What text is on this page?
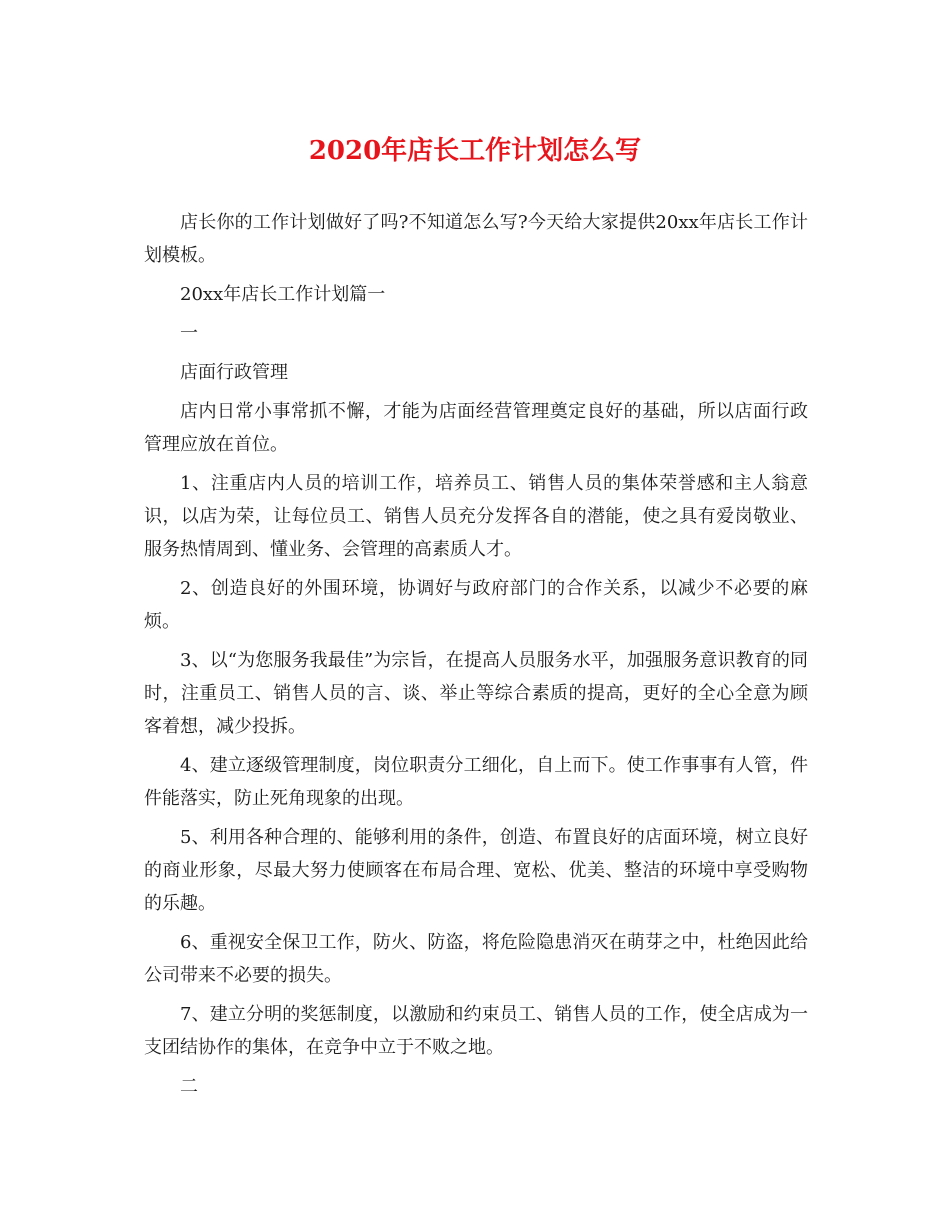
2020年店长工作计划怎么写

店长你的工作计划做好了吗?不知道怎么写?今天给大家提供20xx年店长工作计划模板。

20xx年店长工作计划篇一

一

店面行政管理

店内日常小事常抓不懈，才能为店面经营管理奠定良好的基础，所以店面行政管理应放在首位。

1、注重店内人员的培训工作，培养员工、销售人员的集体荣誉感和主人翁意识，以店为荣，让每位员工、销售人员充分发挥各自的潜能，使之具有爱岗敬业、服务热情周到、懂业务、会管理的高素质人才。

2、创造良好的外围环境，协调好与政府部门的合作关系，以减少不必要的麻烦。

3、以“为您服务我最佳”为宗旨，在提高人员服务水平，加强服务意识教育的同时，注重员工、销售人员的言、谈、举止等综合素质的提高，更好的全心全意为顾客着想，减少投拆。

4、建立逐级管理制度，岗位职责分工细化，自上而下。使工作事事有人管，件件能落实，防止死角现象的出现。

5、利用各种合理的、能够利用的条件，创造、布置良好的店面环境，树立良好的商业形象，尽最大努力使顾客在布局合理、宽松、优美、整洁的环境中享受购物的乐趣。

6、重视安全保卫工作，防火、防盗，将危险隐患消灭在萌芽之中，杜绝因此给公司带来不必要的损失。

7、建立分明的奖惩制度，以激励和约束员工、销售人员的工作，使全店成为一支团结协作的集体，在竞争中立于不败之地。

二
